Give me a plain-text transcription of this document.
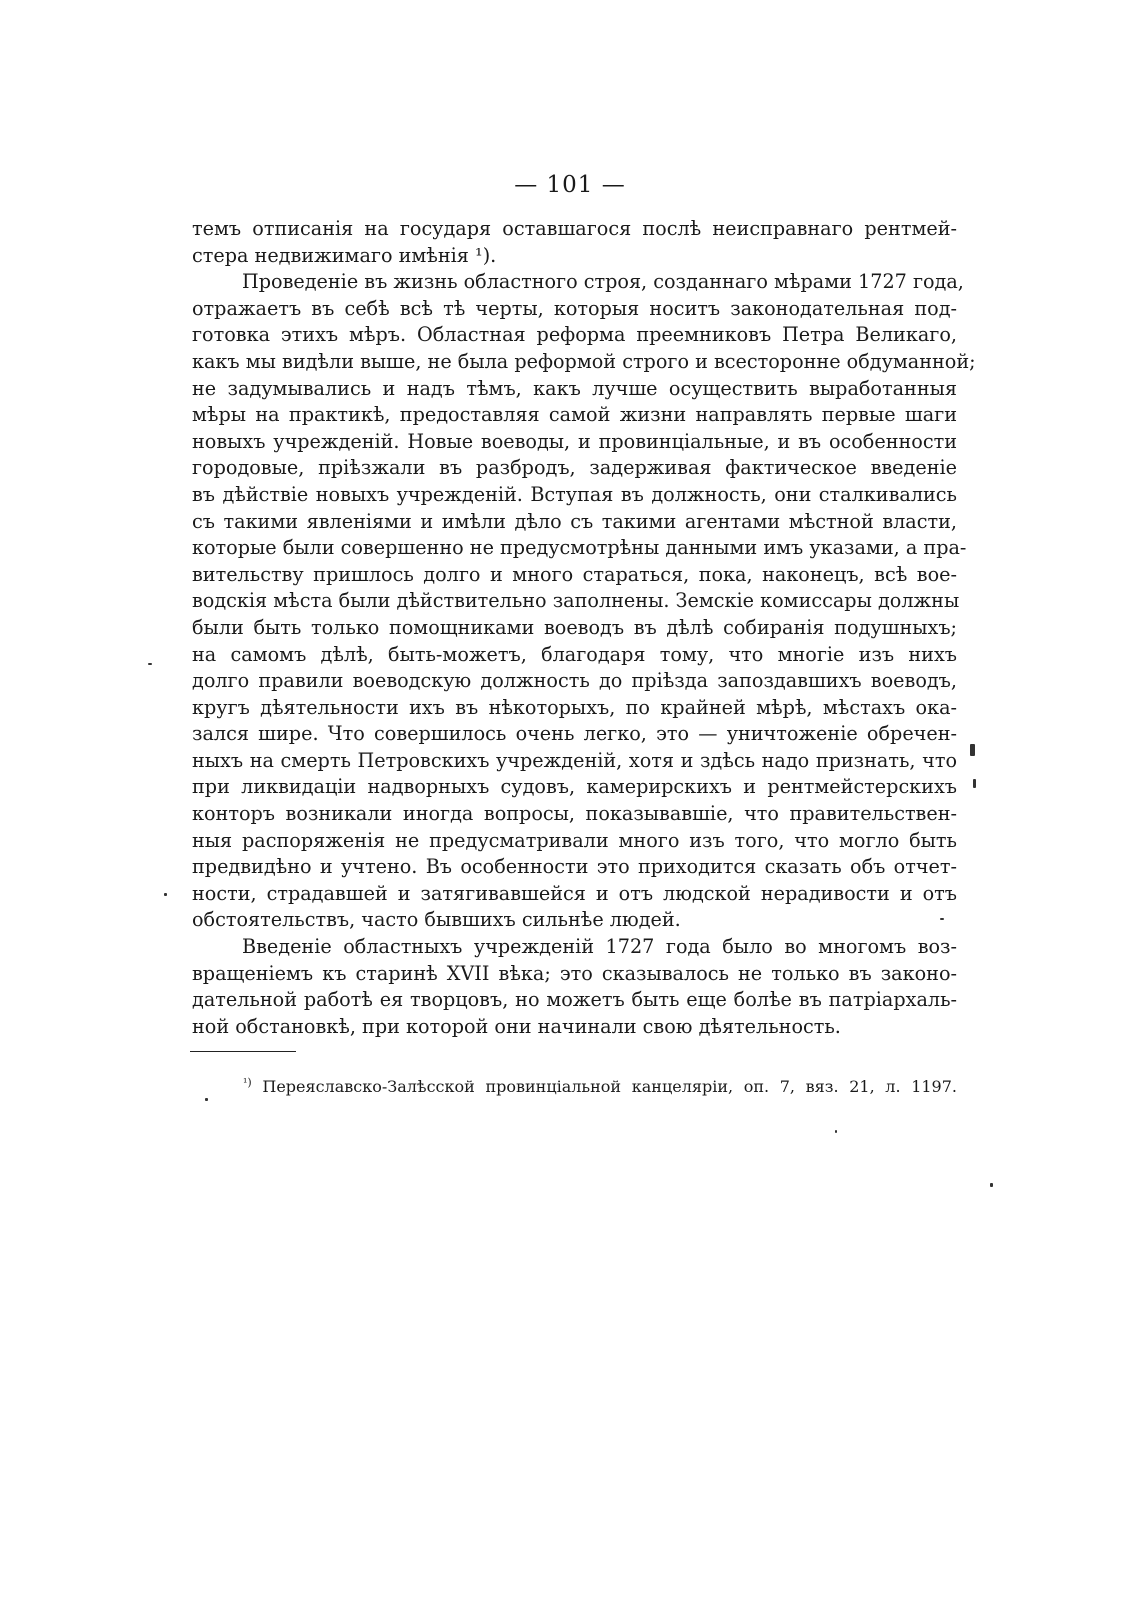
— 101 —
темъ отписанія на государя оставшагося послѣ неисправнаго рентмей-
стера недвижимаго имѣнія ¹).
Проведеніе въ жизнь областного строя, созданнаго мѣрами 1727 года,
отражаетъ въ себѣ всѣ тѣ черты, которыя носитъ законодательная под-
готовка этихъ мѣръ. Областная реформа преемниковъ Петра Великаго,
какъ мы видѣли выше, не была реформой строго и всесторонне обдуманной;
не задумывались и надъ тѣмъ, какъ лучше осуществить выработанныя
мѣры на практикѣ, предоставляя самой жизни направлять первые шаги
новыхъ учрежденій. Новые воеводы, и провинціальные, и въ особенности
городовые, пріѣзжали въ разбродъ, задерживая фактическое введеніе
въ дѣйствіе новыхъ учрежденій. Вступая въ должность, они сталкивались
съ такими явленіями и имѣли дѣло съ такими агентами мѣстной власти,
которые были совершенно не предусмотрѣны данными имъ указами, а пра-
вительству пришлось долго и много стараться, пока, наконецъ, всѣ вое-
водскія мѣста были дѣйствительно заполнены. Земскіе комиссары должны
были быть только помощниками воеводъ въ дѣлѣ собиранія подушныхъ;
на самомъ дѣлѣ, быть-можетъ, благодаря тому, что многіе изъ нихъ
долго правили воеводскую должность до пріѣзда запоздавшихъ воеводъ,
кругъ дѣятельности ихъ въ нѣкоторыхъ, по крайней мѣрѣ, мѣстахъ ока-
зался шире. Что совершилось очень легко, это — уничтоженіе обречен-
ныхъ на смерть Петровскихъ учрежденій, хотя и здѣсь надо признать, что
при ликвидаціи надворныхъ судовъ, камерирскихъ и рентмейстерскихъ
конторъ возникали иногда вопросы, показывавшіе, что правительствен-
ныя распоряженія не предусматривали много изъ того, что могло быть
предвидѣно и учтено. Въ особенности это приходится сказать объ отчет-
ности, страдавшей и затягивавшейся и отъ людской нерадивости и отъ
обстоятельствъ, часто бывшихъ сильнѣе людей.
Введеніе областныхъ учрежденій 1727 года было во многомъ воз-
вращеніемъ къ старинѣ XVII вѣка; это сказывалось не только въ законо-
дательной работѣ ея творцовъ, но можетъ быть еще болѣе въ патріархаль-
ной обстановкѣ, при которой они начинали свою дѣятельность.
$^{^1)}$ Переяславско-Залѣсской провинціальной канцеляріи, оп. 7, вяз. 21, л. 1197.
